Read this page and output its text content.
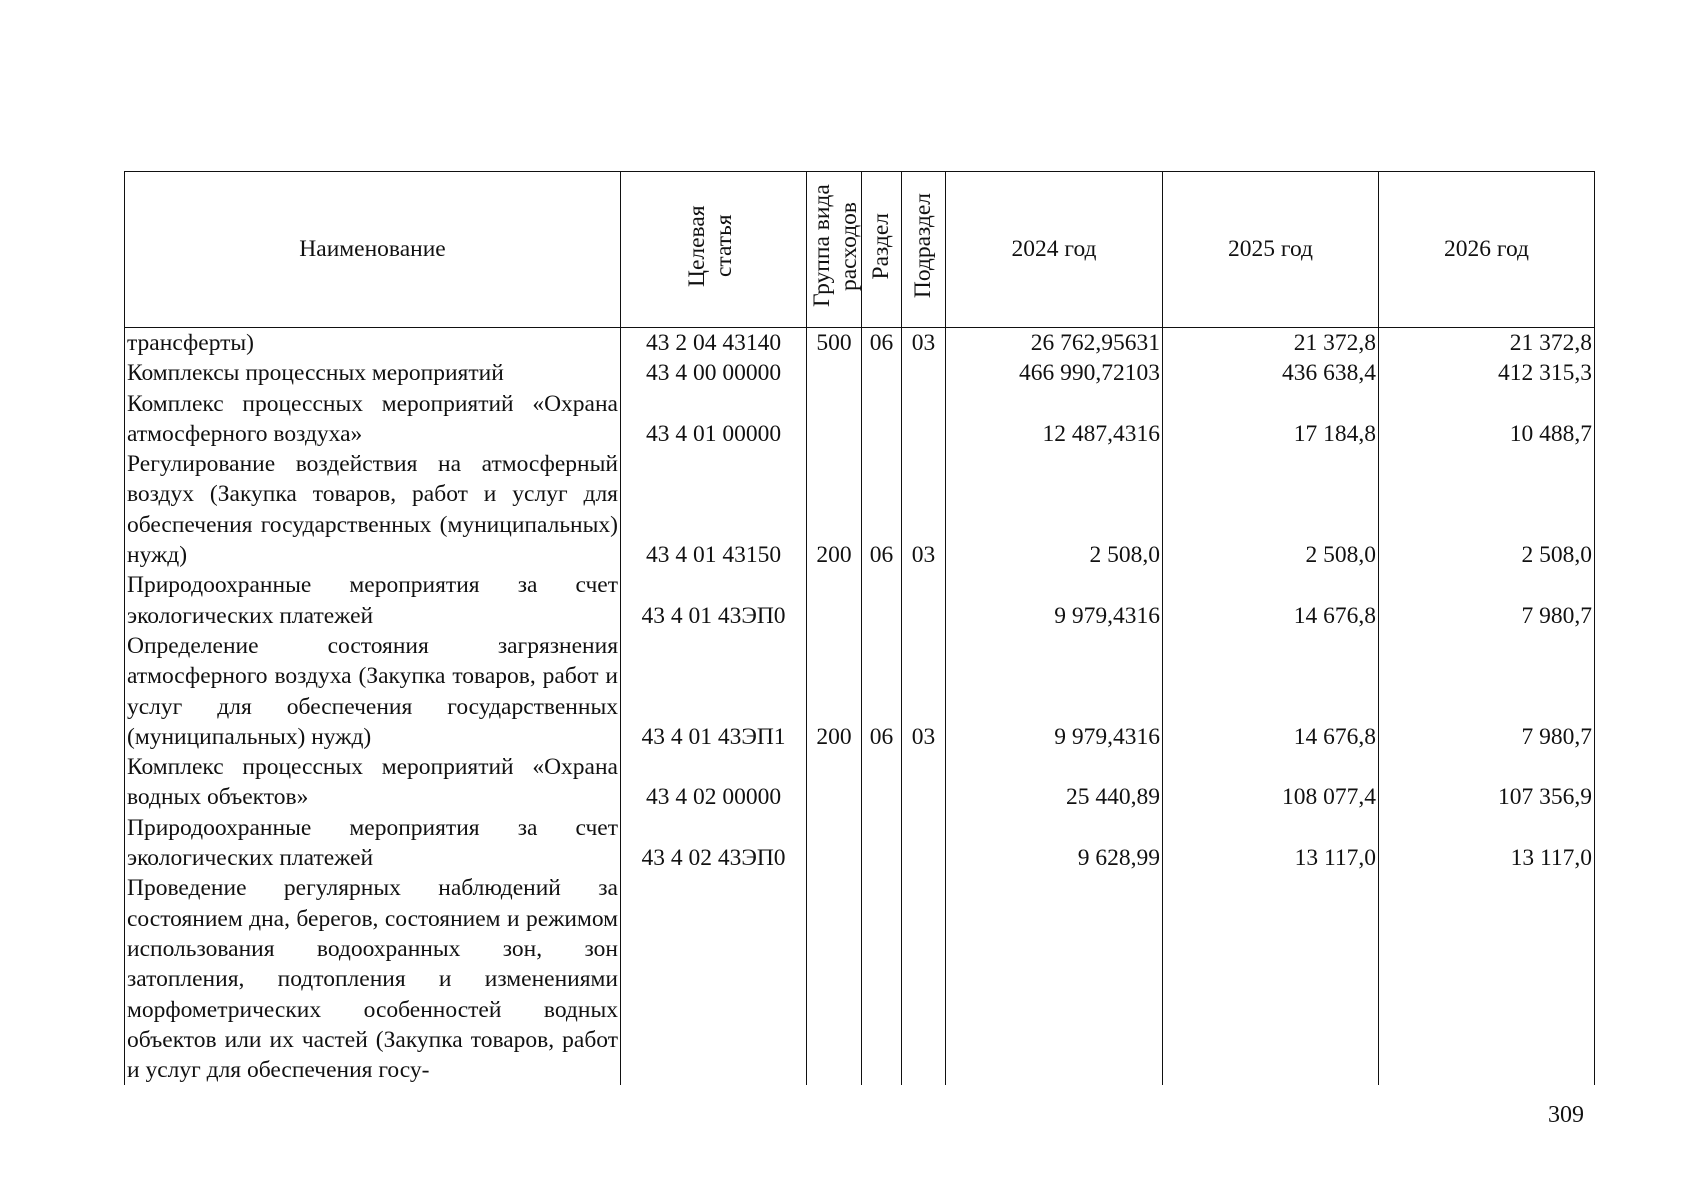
Наименование	Целевая статья	Группа вида расходов	Раздел	Подраздел	2024 год	2025 год	2026 год
трансферты)	43 2 04 43140	500	06	03	26 762,95631	21 372,8	21 372,8
Комплексы процессных мероприятий	43 4 00 00000				466 990,72103	436 638,4	412 315,3
Комплекс процессных мероприятий «Охрана атмосферного воздуха»	43 4 01 00000				12 487,4316	17 184,8	10 488,7
Регулирование воздействия на атмосферный воздух (Закупка товаров, работ и услуг для обеспечения государственных (муниципальных) нужд)	43 4 01 43150	200	06	03	2 508,0	2 508,0	2 508,0
Природоохранные мероприятия за счет экологических платежей	43 4 01 43ЭП0				9 979,4316	14 676,8	7 980,7
Определение состояния загрязнения атмосферного воздуха (Закупка товаров, работ и услуг для обеспечения государственных (муниципальных) нужд)	43 4 01 43ЭП1	200	06	03	9 979,4316	14 676,8	7 980,7
Комплекс процессных мероприятий «Охрана водных объектов»	43 4 02 00000				25 440,89	108 077,4	107 356,9
Природоохранные мероприятия за счет экологических платежей	43 4 02 43ЭП0				9 628,99	13 117,0	13 117,0
Проведение регулярных наблюдений за состоянием дна, берегов, состоянием и режимом использования водоохранных зон, зон затопления, подтопления и изменениями морфометрических особенностей водных объектов или их частей (Закупка товаров, работ и услуг для обеспечения госу-							
309
